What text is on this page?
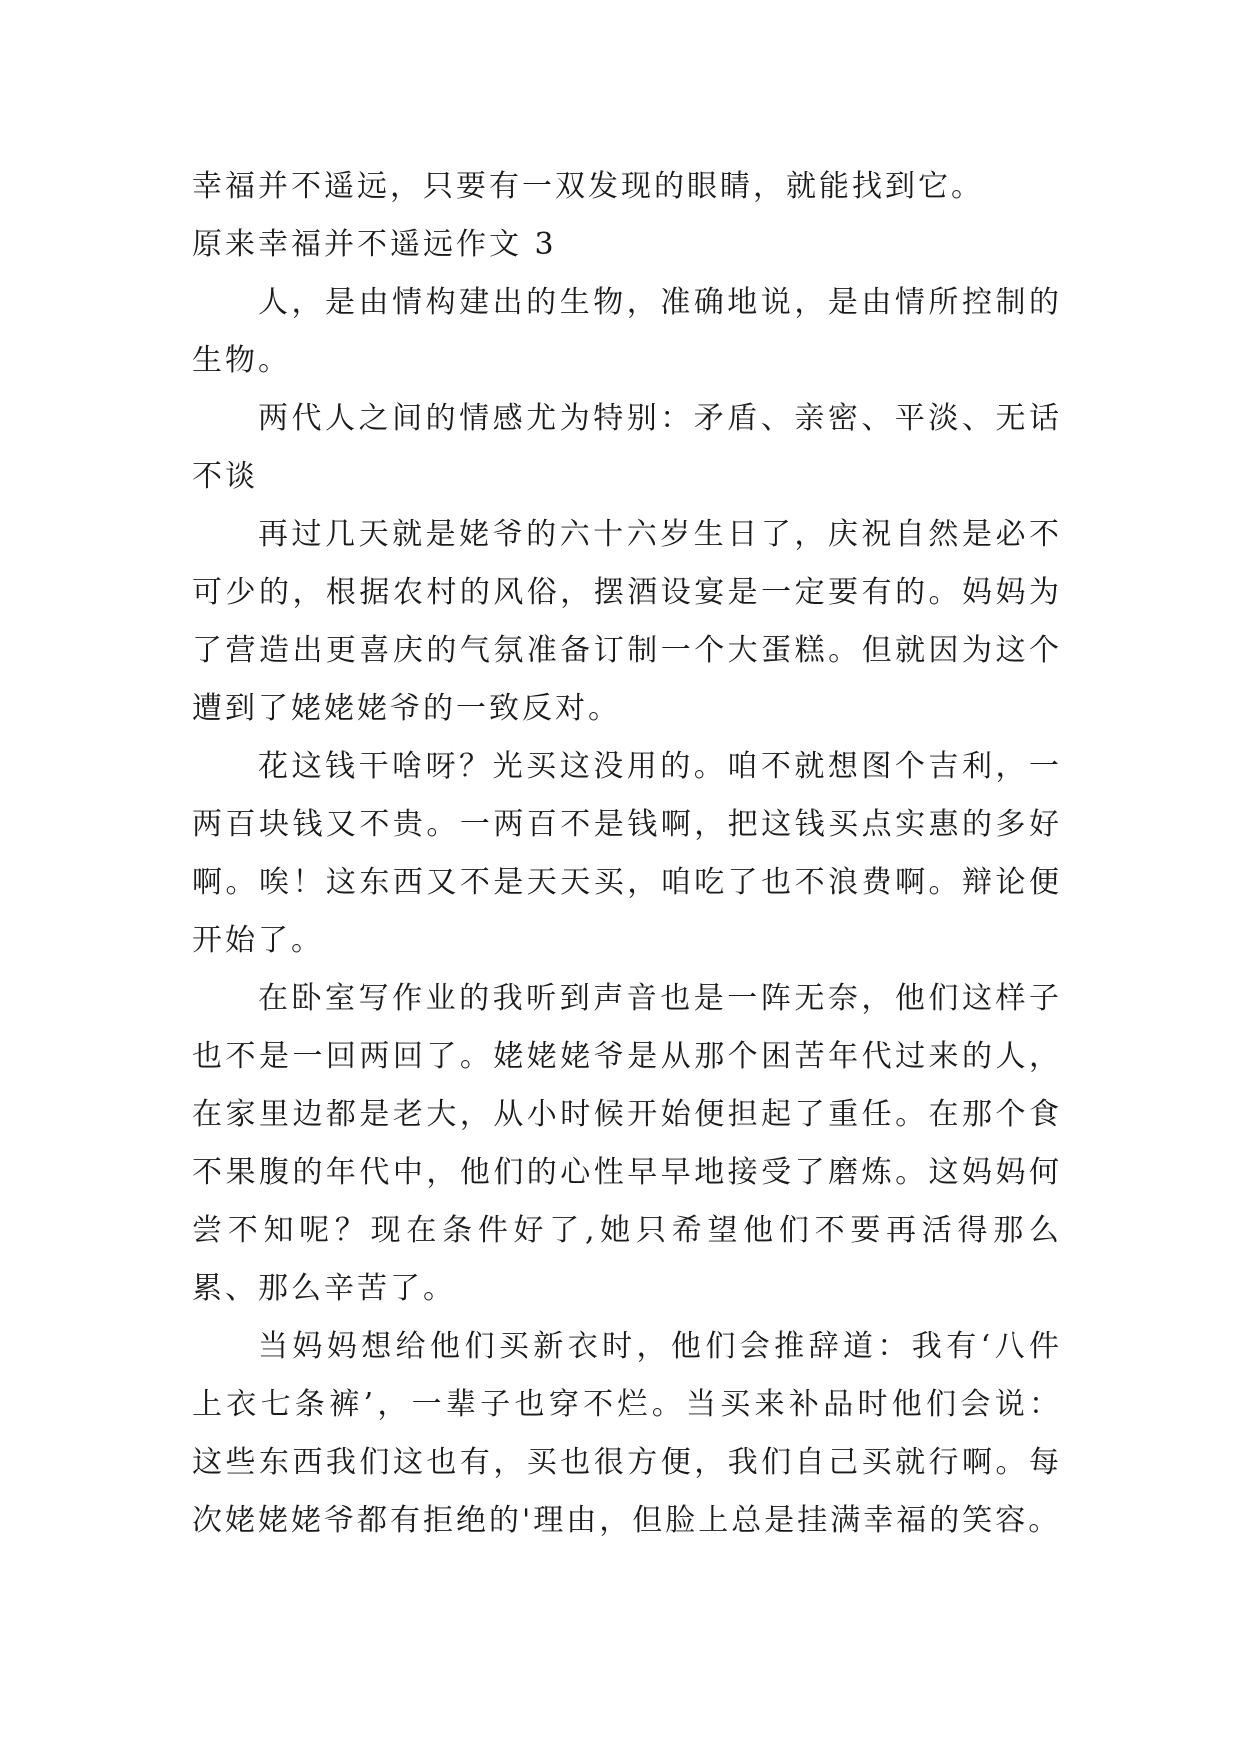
幸福并不遥远，只要有一双发现的眼睛，就能找到它。

原来幸福并不遥远作文 3

人，是由情构建出的生物，准确地说，是由情所控制的生物。

两代人之间的情感尤为特别：矛盾、亲密、平淡、无话不谈

再过几天就是姥爷的六十六岁生日了，庆祝自然是必不可少的，根据农村的风俗，摆酒设宴是一定要有的。妈妈为了营造出更喜庆的气氛准备订制一个大蛋糕。但就因为这个遭到了姥姥姥爷的一致反对。

花这钱干啥呀？光买这没用的。咱不就想图个吉利，一两百块钱又不贵。一两百不是钱啊，把这钱买点实惠的多好啊。唉！这东西又不是天天买，咱吃了也不浪费啊。辩论便开始了。

在卧室写作业的我听到声音也是一阵无奈，他们这样子也不是一回两回了。姥姥姥爷是从那个困苦年代过来的人，在家里边都是老大，从小时候开始便担起了重任。在那个食不果腹的年代中，他们的心性早早地接受了磨炼。这妈妈何尝不知呢？现在条件好了,她只希望他们不要再活得那么累、那么辛苦了。

当妈妈想给他们买新衣时，他们会推辞道：我有‘八件上衣七条裤’，一辈子也穿不烂。当买来补品时他们会说：这些东西我们这也有，买也很方便，我们自己买就行啊。每次姥姥姥爷都有拒绝的'理由，但脸上总是挂满幸福的笑容。
